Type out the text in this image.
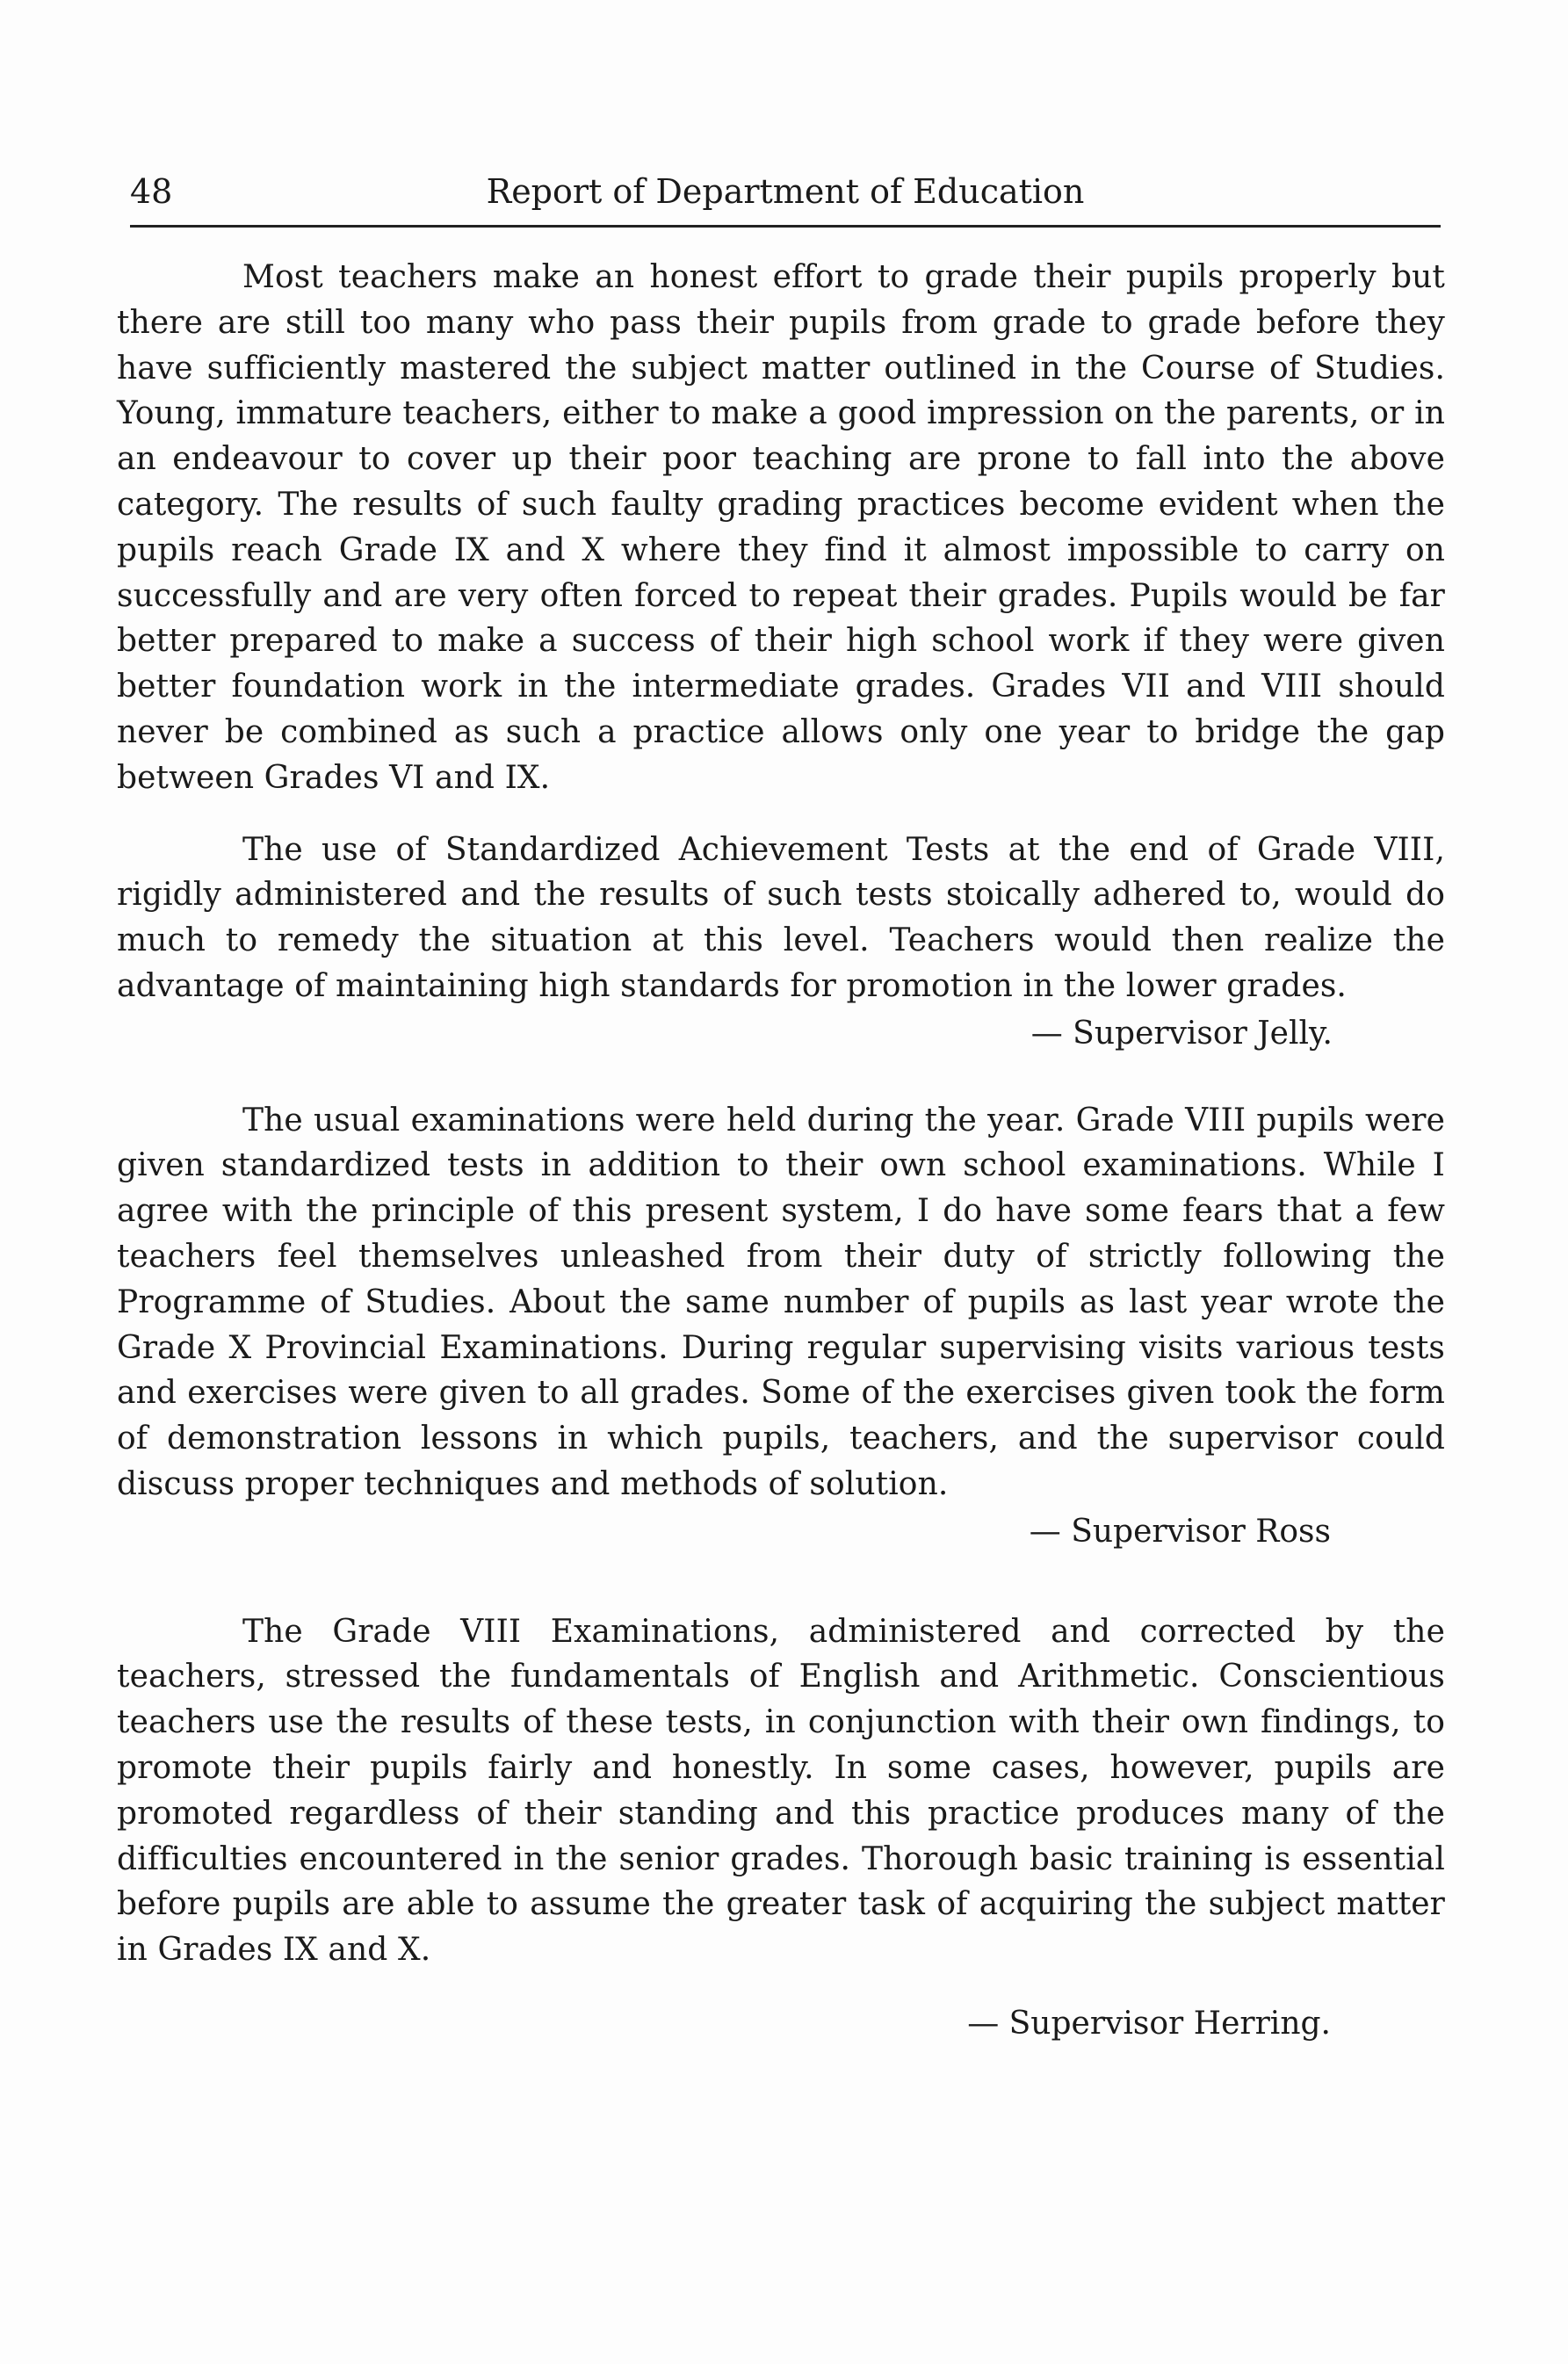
48	Report of Department of Education

Most teachers make an honest effort to grade their pupils properly but there are still too many who pass their pupils from grade to grade before they have sufficiently mastered the subject matter outlined in the Course of Studies. Young, immature teachers, either to make a good impression on the parents, or in an endeavour to cover up their poor teaching are prone to fall into the above category. The results of such faulty grading practices become evident when the pupils reach Grade IX and X where they find it almost impossible to carry on successfully and are very often forced to repeat their grades. Pupils would be far better prepared to make a success of their high school work if they were given better foundation work in the intermediate grades. Grades VII and VIII should never be combined as such a practice allows only one year to bridge the gap between Grades VI and IX.

The use of Standardized Achievement Tests at the end of Grade VIII, rigidly administered and the results of such tests stoically adhered to, would do much to remedy the situation at this level. Teachers would then realize the advantage of maintaining high standards for promotion in the lower grades.

— Supervisor Jelly.

The usual examinations were held during the year. Grade VIII pupils were given standardized tests in addition to their own school examinations. While I agree with the principle of this present system, I do have some fears that a few teachers feel themselves unleashed from their duty of strictly following the Programme of Studies. About the same number of pupils as last year wrote the Grade X Provincial Examinations. During regular supervising visits various tests and exercises were given to all grades. Some of the exercises given took the form of demonstration lessons in which pupils, teachers, and the supervisor could discuss proper techniques and methods of solution.

— Supervisor Ross

The Grade VIII Examinations, administered and corrected by the teachers, stressed the fundamentals of English and Arithmetic. Conscientious teachers use the results of these tests, in conjunction with their own findings, to promote their pupils fairly and honestly. In some cases, however, pupils are promoted regardless of their standing and this practice produces many of the difficulties encountered in the senior grades. Thorough basic training is essential before pupils are able to assume the greater task of acquiring the subject matter in Grades IX and X.

— Supervisor Herring.
